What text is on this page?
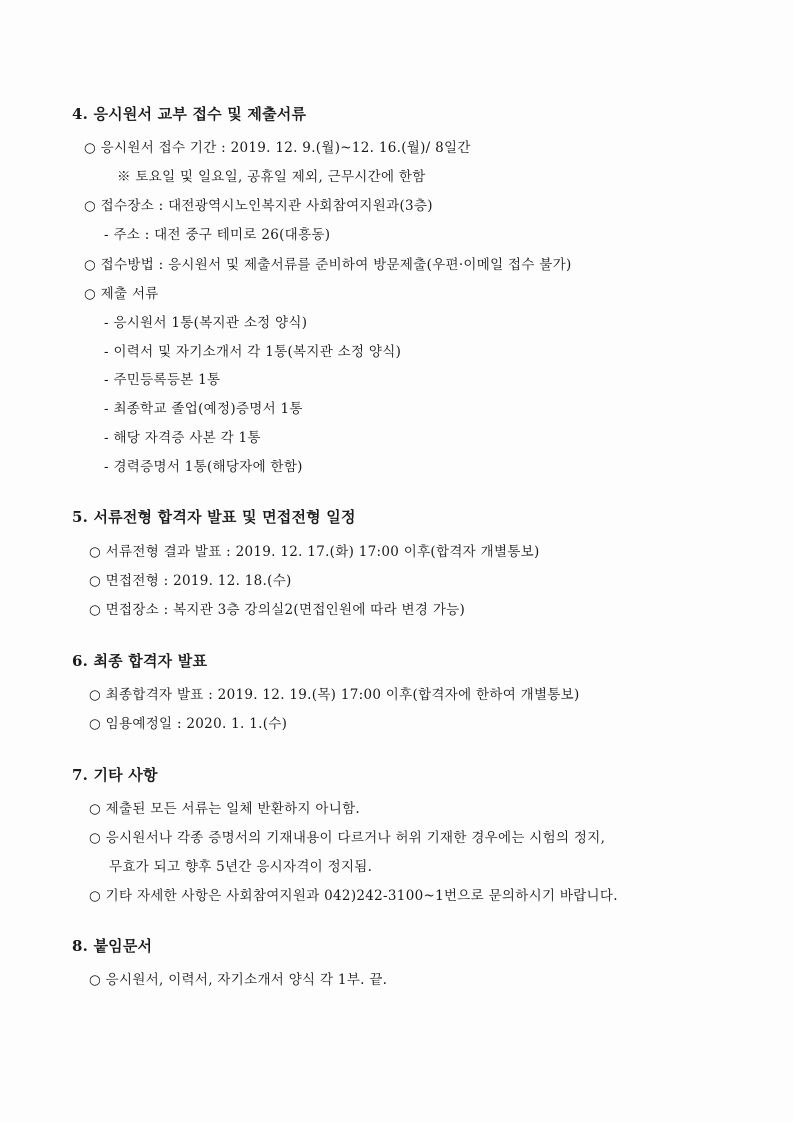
4. 응시원서 교부 접수 및 제출서류
○ 응시원서 접수 기간 : 2019. 12. 9.(월)~12. 16.(월)/ 8일간
※ 토요일 및 일요일, 공휴일 제외, 근무시간에 한함
○ 접수장소 : 대전광역시노인복지관 사회참여지원과(3층)
- 주소 : 대전 중구 테미로 26(대흥동)
○ 접수방법 : 응시원서 및 제출서류를 준비하여 방문제출(우편·이메일 접수 불가)
○ 제출 서류
- 응시원서 1통(복지관 소정 양식)
- 이력서 및 자기소개서 각 1통(복지관 소정 양식)
- 주민등록등본 1통
- 최종학교 졸업(예정)증명서 1통
- 해당 자격증 사본 각 1통
- 경력증명서 1통(해당자에 한함)
5. 서류전형 합격자 발표 및 면접전형 일정
○ 서류전형 결과 발표 : 2019. 12. 17.(화) 17:00 이후(합격자 개별통보)
○ 면접전형 : 2019. 12. 18.(수)
○ 면접장소 : 복지관 3층 강의실2(면접인원에 따라 변경 가능)
6. 최종 합격자 발표
○ 최종합격자 발표 : 2019. 12. 19.(목) 17:00 이후(합격자에 한하여 개별통보)
○ 임용예정일 : 2020. 1. 1.(수)
7. 기타 사항
○ 제출된 모든 서류는 일체 반환하지 아니함.
○ 응시원서나 각종 증명서의 기재내용이 다르거나 허위 기재한 경우에는 시험의 정지,
무효가 되고 향후 5년간 응시자격이 정지됨.
○ 기타 자세한 사항은 사회참여지원과 042)242-3100~1번으로 문의하시기 바랍니다.
8. 붙임문서
○ 응시원서, 이력서, 자기소개서 양식 각 1부. 끝.
